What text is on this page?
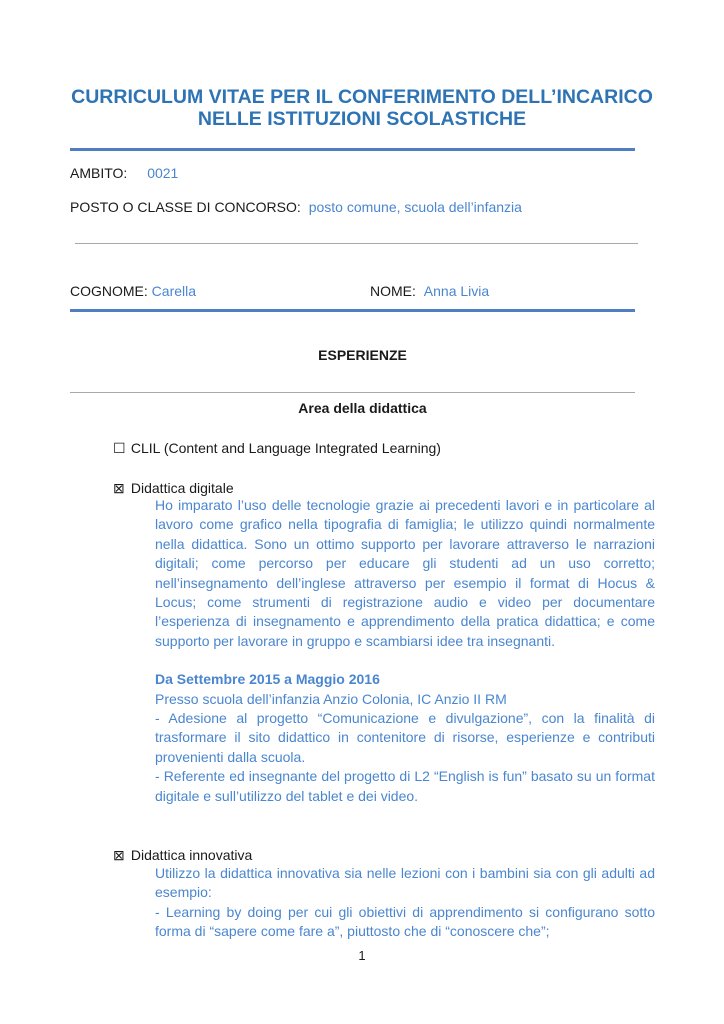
CURRICULUM VITAE PER IL CONFERIMENTO DELL’INCARICO
NELLE ISTITUZIONI SCOLASTICHE
AMBITO: 0021
POSTO O CLASSE DI CONCORSO: posto comune, scuola dell’infanzia
COGNOME: Carella	NOME: Anna Livia
ESPERIENZE
Area della didattica
☐ CLIL (Content and Language Integrated Learning)
⊠ Didattica digitale

Ho imparato l’uso delle tecnologie grazie ai precedenti lavori e in particolare al lavoro come grafico nella tipografia di famiglia; le utilizzo quindi normalmente nella didattica. Sono un ottimo supporto per lavorare attraverso le narrazioni digitali; come percorso per educare gli studenti ad un uso corretto; nell’insegnamento dell’inglese attraverso per esempio il format di Hocus & Locus; come strumenti di registrazione audio e video per documentare l’esperienza di insegnamento e apprendimento della pratica didattica; e come supporto per lavorare in gruppo e scambiarsi idee tra insegnanti.

Da Settembre 2015 a Maggio 2016

Presso scuola dell’infanzia Anzio Colonia, IC Anzio II RM

- Adesione al progetto “Comunicazione e divulgazione”, con la finalità di trasformare il sito didattico in contenitore di risorse, esperienze e contributi provenienti dalla scuola.

- Referente ed insegnante del progetto di L2 “English is fun” basato su un format digitale e sull’utilizzo del tablet e dei video.

⊠ Didattica innovativa

Utilizzo la didattica innovativa sia nelle lezioni con i bambini sia con gli adulti ad esempio:

- Learning by doing per cui gli obiettivi di apprendimento si configurano sotto forma di “sapere come fare a”, piuttosto che di “conoscere che”;

1
